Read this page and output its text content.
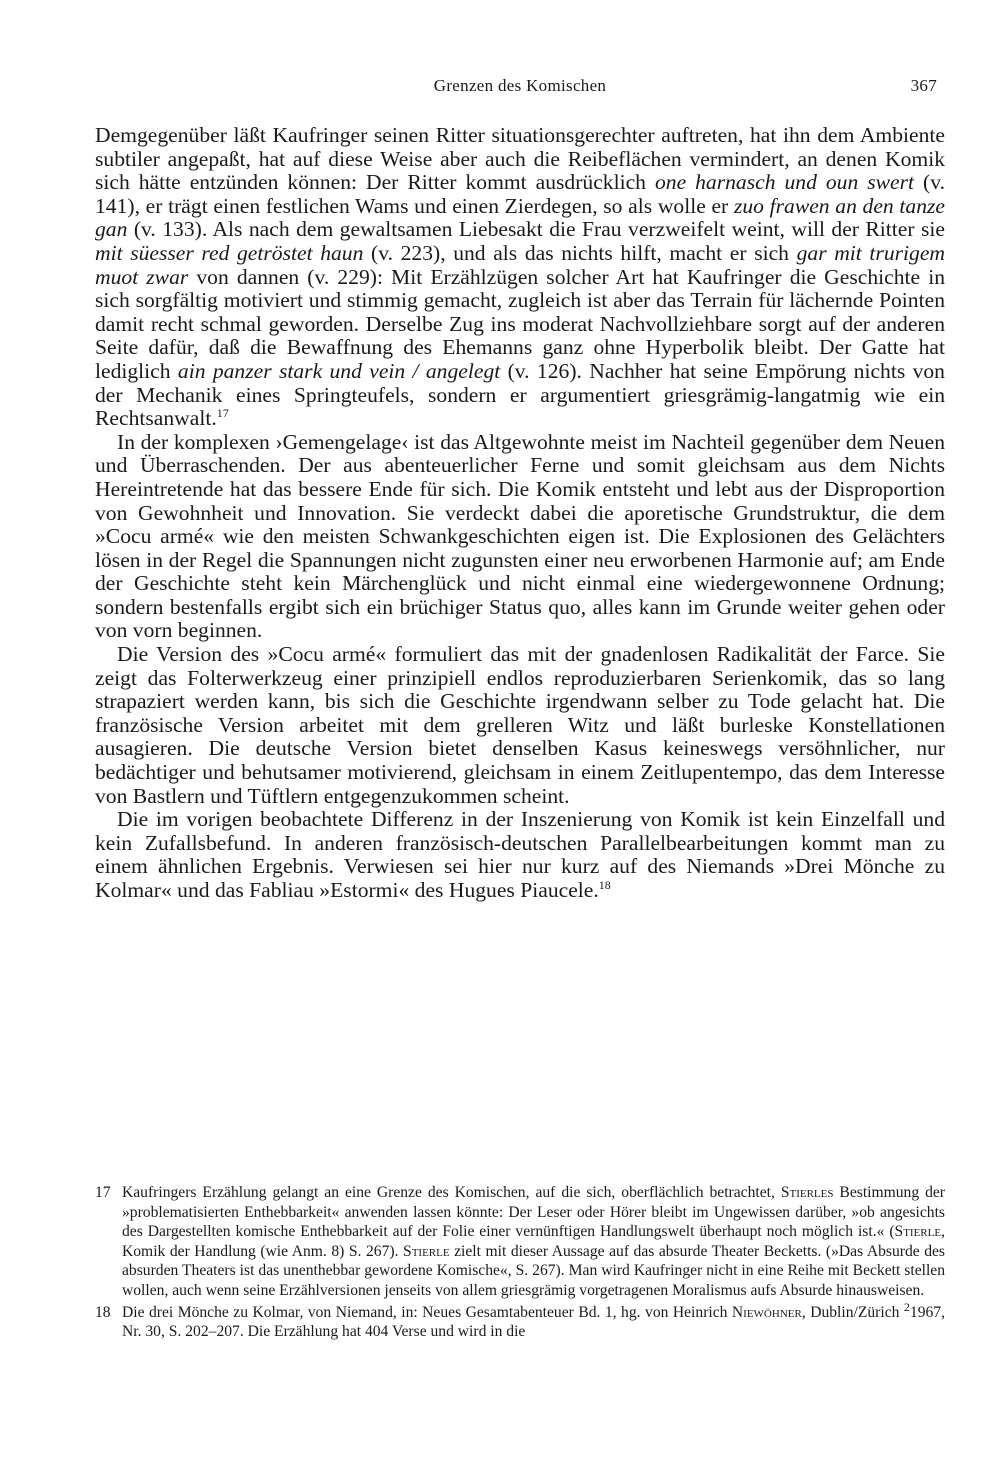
Grenzen des Komischen	367

Demgegenüber läßt Kaufringer seinen Ritter situationsgerechter auftreten, hat ihn dem Ambiente subtiler angepaßt, hat auf diese Weise aber auch die Reibeflächen vermindert, an denen Komik sich hätte entzünden können: Der Ritter kommt ausdrücklich one harnasch und oun swert (v. 141), er trägt einen festlichen Wams und einen Zierdegen, so als wolle er zuo frawen an den tanze gan (v. 133). Als nach dem gewaltsamen Liebesakt die Frau verzweifelt weint, will der Ritter sie mit süesser red getröstet haun (v. 223), und als das nichts hilft, macht er sich gar mit trurigem muot zwar von dannen (v. 229): Mit Erzählzügen solcher Art hat Kaufringer die Geschichte in sich sorgfältig motiviert und stimmig gemacht, zugleich ist aber das Terrain für lächernde Pointen damit recht schmal geworden. Derselbe Zug ins moderat Nachvollziehbare sorgt auf der anderen Seite dafür, daß die Bewaffnung des Ehemanns ganz ohne Hyperbolik bleibt. Der Gatte hat lediglich ain panzer stark und vein / angelegt (v. 126). Nachher hat seine Empörung nichts von der Mechanik eines Springteufels, sondern er argumentiert griesgrämig-langatmig wie ein Rechtsanwalt.$^{17}$

In der komplexen ›Gemengelage‹ ist das Altgewohnte meist im Nachteil gegenüber dem Neuen und Überraschenden. Der aus abenteuerlicher Ferne und somit gleichsam aus dem Nichts Hereintretende hat das bessere Ende für sich. Die Komik entsteht und lebt aus der Disproportion von Gewohnheit und Innovation. Sie verdeckt dabei die aporetische Grundstruktur, die dem »Cocu armé« wie den meisten Schwankgeschichten eigen ist. Die Explosionen des Gelächters lösen in der Regel die Spannungen nicht zugunsten einer neu erworbenen Harmonie auf; am Ende der Geschichte steht kein Märchenglück und nicht einmal eine wiedergewonnene Ordnung; sondern bestenfalls ergibt sich ein brüchiger Status quo, alles kann im Grunde weiter gehen oder von vorn beginnen.

Die Version des »Cocu armé« formuliert das mit der gnadenlosen Radikalität der Farce. Sie zeigt das Folterwerkzeug einer prinzipiell endlos reproduzierbaren Serienkomik, das so lang strapaziert werden kann, bis sich die Geschichte irgendwann selber zu Tode gelacht hat. Die französische Version arbeitet mit dem grelleren Witz und läßt burleske Konstellationen ausagieren. Die deutsche Version bietet denselben Kasus keineswegs versöhnlicher, nur bedächtiger und behutsamer motivierend, gleichsam in einem Zeitlupentempo, das dem Interesse von Bastlern und Tüftlern entgegenzukommen scheint.

Die im vorigen beobachtete Differenz in der Inszenierung von Komik ist kein Einzelfall und kein Zufallsbefund. In anderen französisch-deutschen Parallelbearbeitungen kommt man zu einem ähnlichen Ergebnis. Verwiesen sei hier nur kurz auf des Niemands »Drei Mönche zu Kolmar« und das Fabliau »Estormi« des Hugues Piaucele.$^{18}$

17 Kaufringers Erzählung gelangt an eine Grenze des Komischen, auf die sich, oberflächlich betrachtet, Stierles Bestimmung der »problematisierten Enthebbarkeit« anwenden lassen könnte: Der Leser oder Hörer bleibt im Ungewissen darüber, »ob angesichts des Dargestellten komische Enthebbarkeit auf der Folie einer vernünftigen Handlungswelt überhaupt noch möglich ist.« (Stierle, Komik der Handlung (wie Anm. 8) S. 267). Stierle zielt mit dieser Aussage auf das absurde Theater Becketts. (»Das Absurde des absurden Theaters ist das unenthebbar gewordene Komische«, S. 267). Man wird Kaufringer nicht in eine Reihe mit Beckett stellen wollen, auch wenn seine Erzählversionen jenseits von allem griesgrämig vorgetragenen Moralismus aufs Absurde hinausweisen.
18 Die drei Mönche zu Kolmar, von Niemand, in: Neues Gesamtabenteuer Bd. 1, hg. von Heinrich Niewöhner, Dublin/Zürich $^2$1967, Nr. 30, S. 202–207. Die Erzählung hat 404 Verse und wird in die
